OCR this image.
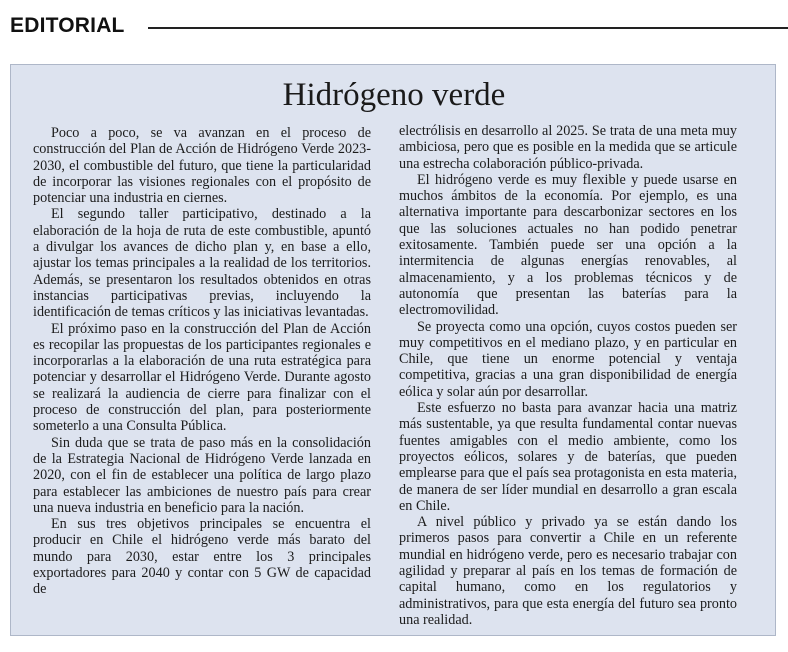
EDITORIAL
Hidrógeno verde

Poco a poco, se va avanzan en el proceso de construcción del Plan de Acción de Hidrógeno Verde 2023-2030, el combustible del futuro, que tiene la particularidad de incorporar las visiones regionales con el propósito de potenciar una industria en ciernes.

El segundo taller participativo, destinado a la elaboración de la hoja de ruta de este combustible, apuntó a divulgar los avances de dicho plan y, en base a ello, ajustar los temas principales a la realidad de los territorios. Además, se presentaron los resultados obtenidos en otras instancias participativas previas, incluyendo la identificación de temas críticos y las iniciativas levantadas.

El próximo paso en la construcción del Plan de Acción es recopilar las propuestas de los participantes regionales e incorporarlas a la elaboración de una ruta estratégica para potenciar y desarrollar el Hidrógeno Verde. Durante agosto se realizará la audiencia de cierre para finalizar con el proceso de construcción del plan, para posteriormente someterlo a una Consulta Pública.

Sin duda que se trata de paso más en la consolidación de la Estrategia Nacional de Hidrógeno Verde lanzada en 2020, con el fin de establecer una política de largo plazo para establecer las ambiciones de nuestro país para crear una nueva industria en beneficio para la nación.

En sus tres objetivos principales se encuentra el producir en Chile el hidrógeno verde más barato del mundo para 2030, estar entre los 3 principales exportadores para 2040 y contar con 5 GW de capacidad de

electrólisis en desarrollo al 2025. Se trata de una meta muy ambiciosa, pero que es posible en la medida que se articule una estrecha colaboración público-privada.

El hidrógeno verde es muy flexible y puede usarse en muchos ámbitos de la economía. Por ejemplo, es una alternativa importante para descarbonizar sectores en los que las soluciones actuales no han podido penetrar exitosamente. También puede ser una opción a la intermitencia de algunas energías renovables, al almacenamiento, y a los problemas técnicos y de autonomía que presentan las baterías para la electromovilidad.

Se proyecta como una opción, cuyos costos pueden ser muy competitivos en el mediano plazo, y en particular en Chile, que tiene un enorme potencial y ventaja competitiva, gracias a una gran disponibilidad de energía eólica y solar aún por desarrollar.

Este esfuerzo no basta para avanzar hacia una matriz más sustentable, ya que resulta fundamental contar nuevas fuentes amigables con el medio ambiente, como los proyectos eólicos, solares y de baterías, que pueden emplearse para que el país sea protagonista en esta materia, de manera de ser líder mundial en desarrollo a gran escala en Chile.

A nivel público y privado ya se están dando los primeros pasos para convertir a Chile en un referente mundial en hidrógeno verde, pero es necesario trabajar con agilidad y preparar al país en los temas de formación de capital humano, como en los regulatorios y administrativos, para que esta energía del futuro sea pronto una realidad.
